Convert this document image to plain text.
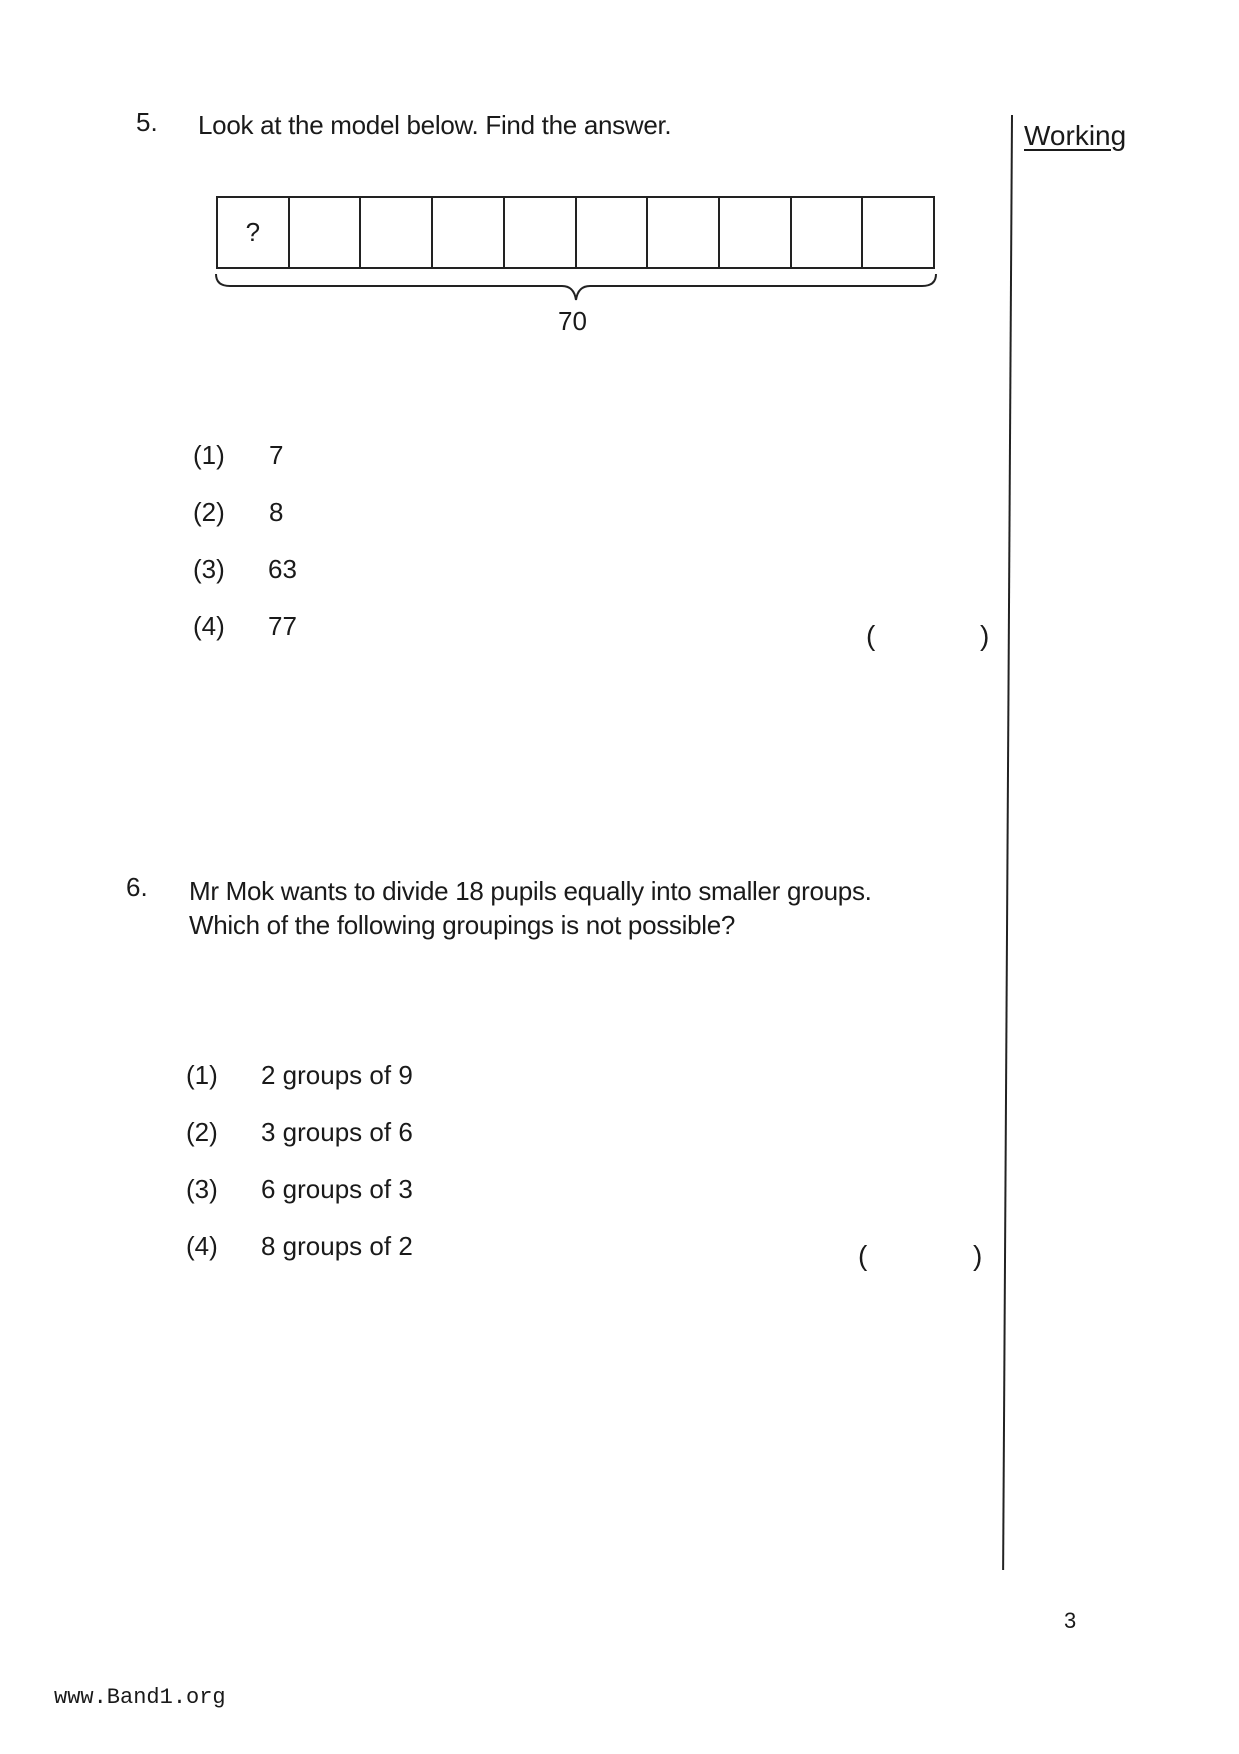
Working
5. Look at the model below. Find the answer.
?
70
(1) 7
(2) 8
(3) 63
(4) 77	(	)
6. Mr Mok wants to divide 18 pupils equally into smaller groups.
Which of the following groupings is not possible?
(1) 2 groups of 9
(2) 3 groups of 6
(3) 6 groups of 3
(4) 8 groups of 2	(	)
3
www.Band1.org
